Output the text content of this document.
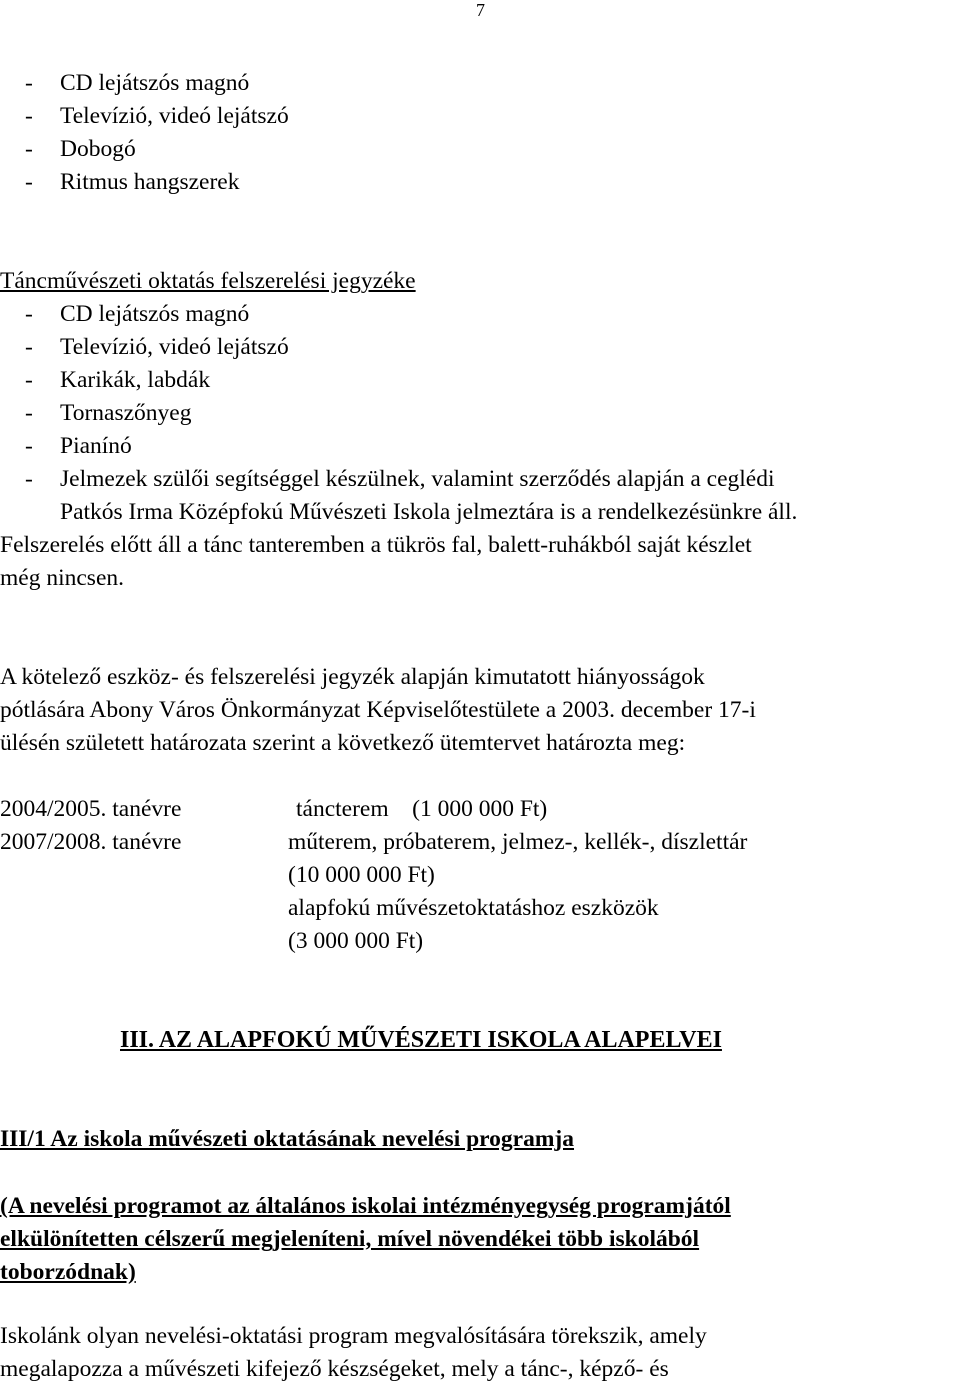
7
- CD lejátszós magnó
- Televízió, videó lejátszó
- Dobogó
- Ritmus hangszerek
Táncművészeti oktatás felszerelési jegyzéke
- CD lejátszós magnó
- Televízió, videó lejátszó
- Karikák, labdák
- Tornaszőnyeg
- Pianínó
- Jelmezek szülői segítséggel készülnek, valamint szerződés alapján a ceglédi
Patkós Irma Középfokú Művészeti Iskola jelmeztára is a rendelkezésünkre áll.
Felszerelés előtt áll a tánc tanteremben a tükrös fal, balett-ruhákból saját készlet
még nincsen.
A kötelező eszköz- és felszerelési jegyzék alapján kimutatott hiányosságok
pótlására Abony Város Önkormányzat Képviselőtestülete a 2003. december 17-i
ülésén született határozata szerint a következő ütemtervet határozta meg:
2004/2005. tanévre	táncterem    (1 000 000 Ft)
2007/2008. tanévre	műterem, próbaterem, jelmez-, kellék-, díszlettár
(10 000 000 Ft)
alapfokú művészetoktatáshoz eszközök
(3 000 000 Ft)
III. AZ ALAPFOKÚ MŰVÉSZETI ISKOLA ALAPELVEI
III/1 Az iskola művészeti oktatásának nevelési programja
(A nevelési programot az általános iskolai intézményegység programjától
elkülönítetten célszerű megjeleníteni, mível növendékei több iskolából
toborzódnak)
Iskolánk olyan nevelési-oktatási program megvalósítására törekszik, amely
megalapozza a művészeti kifejező készségeket, mely a tánc-, képző- és
